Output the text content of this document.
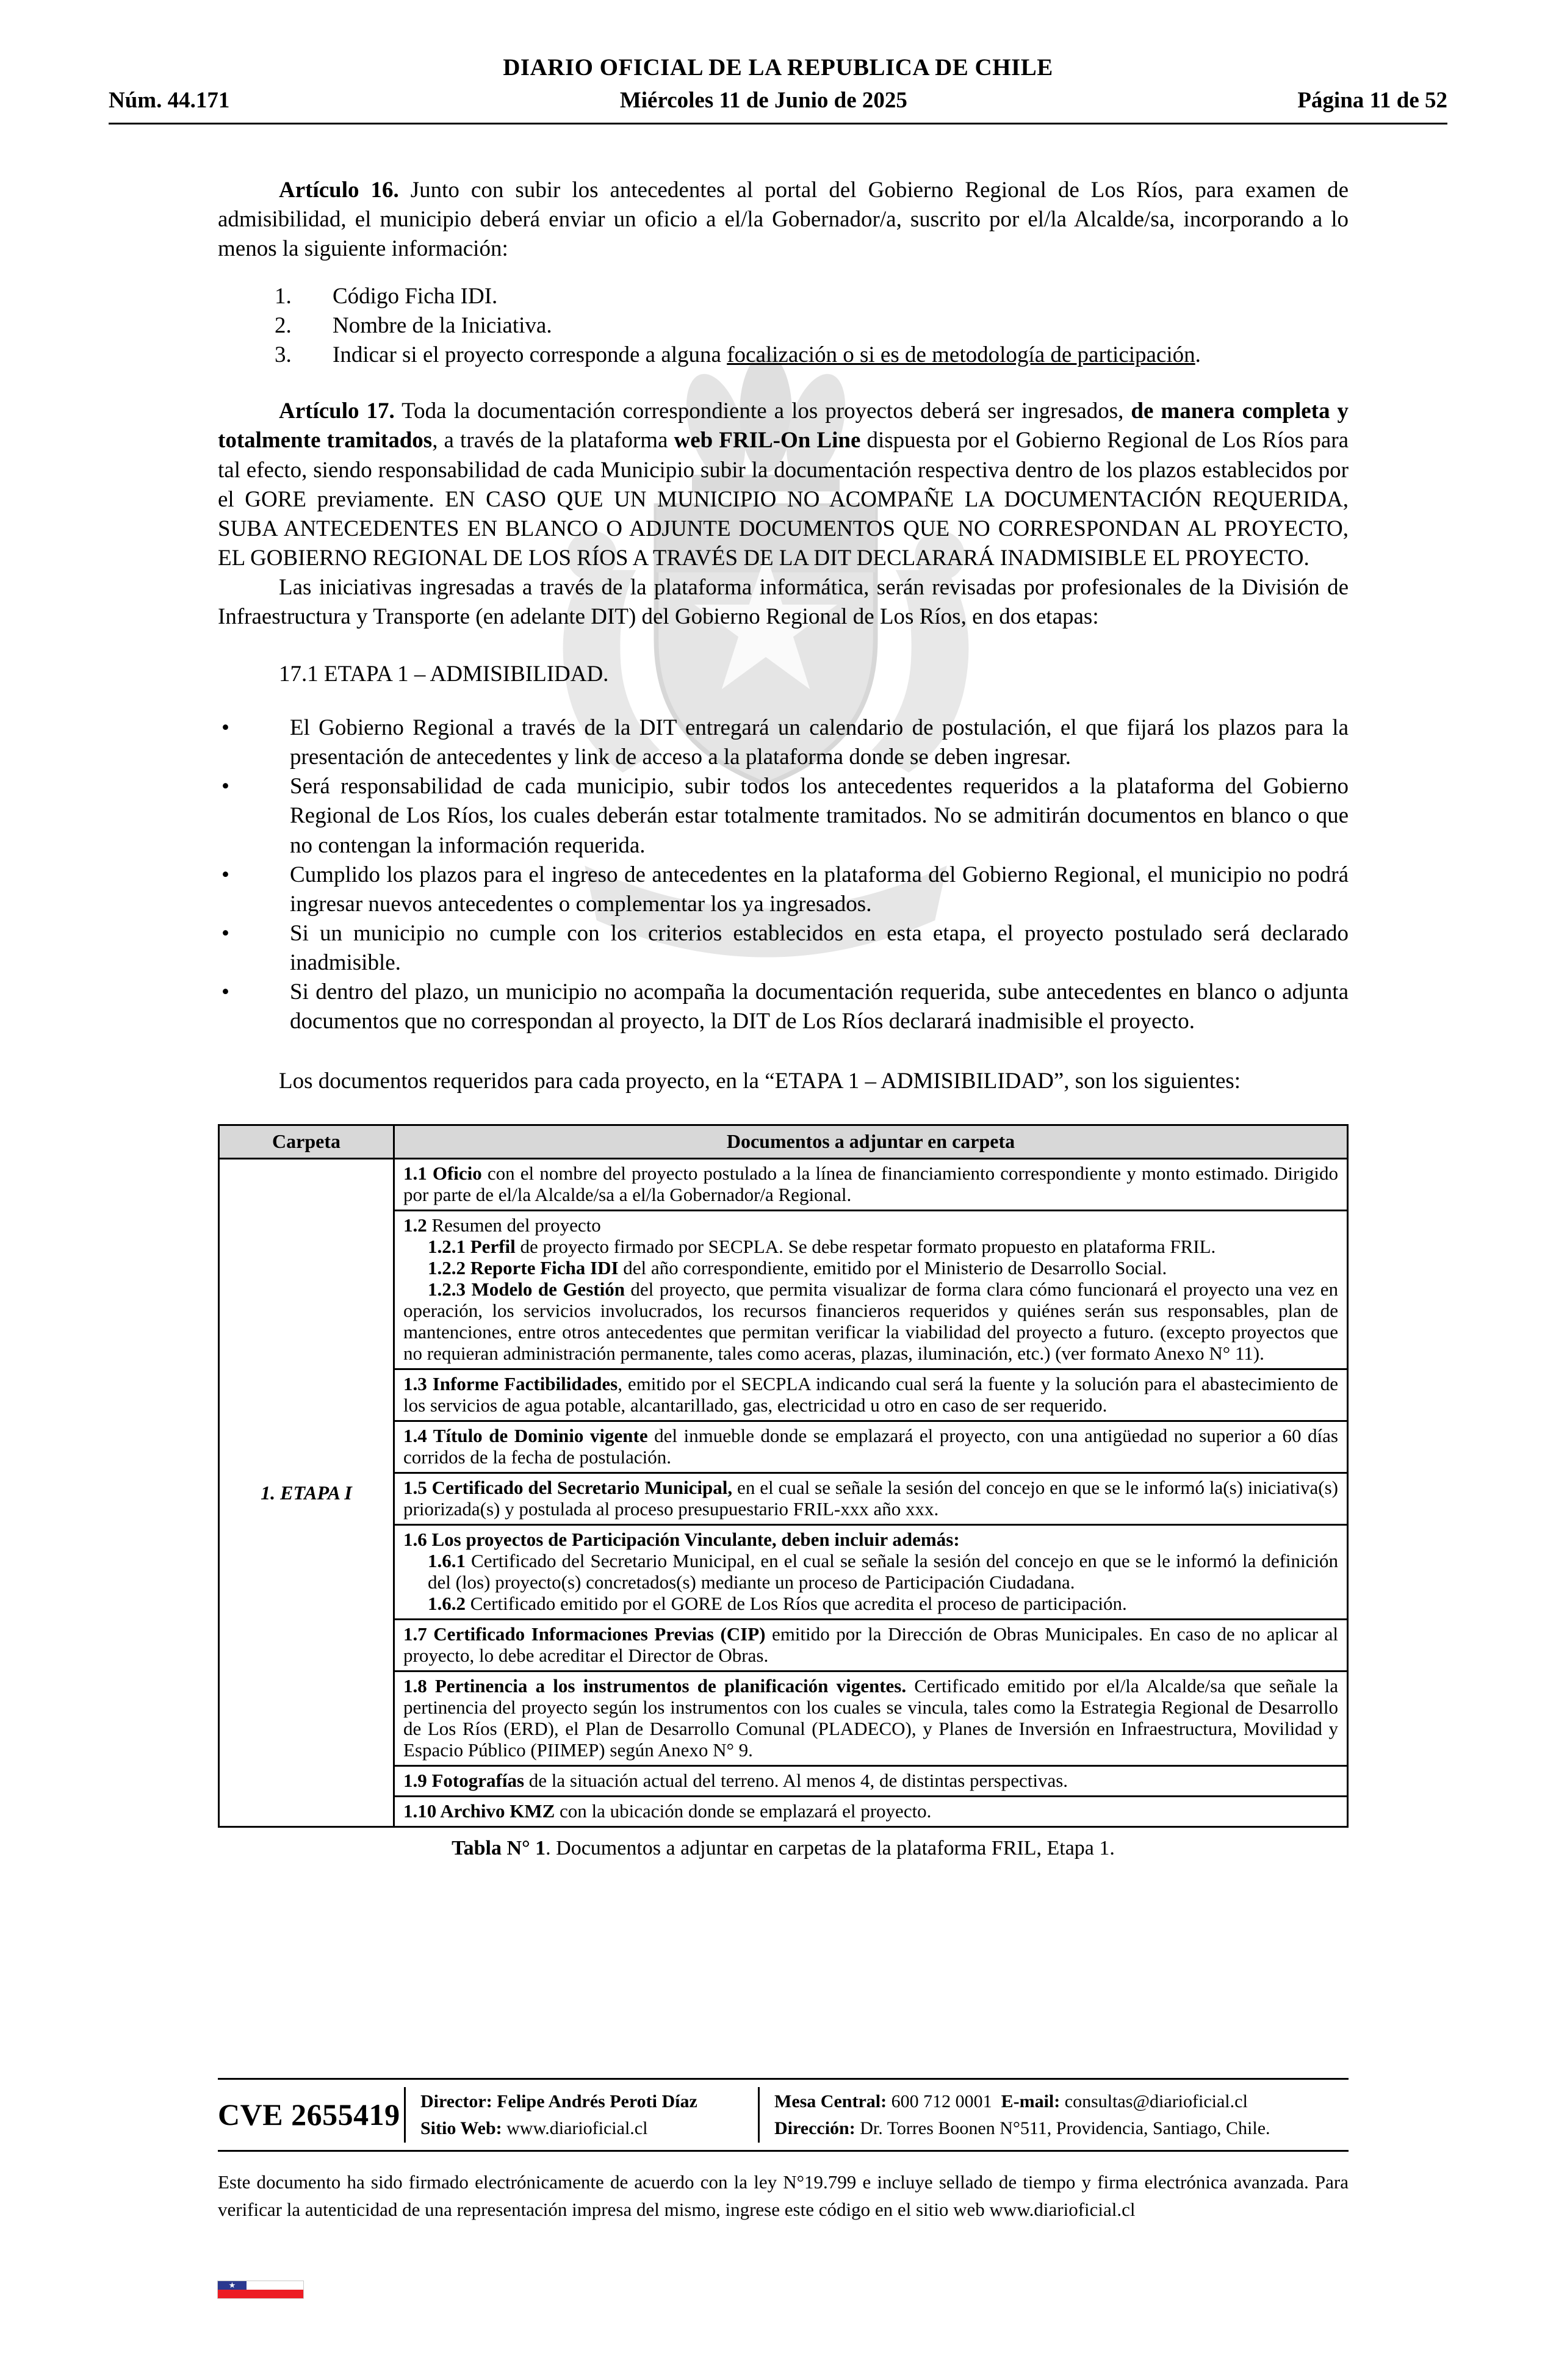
DIARIO OFICIAL DE LA REPUBLICA DE CHILE
Núm. 44.171	Miércoles 11 de Junio de 2025	Página 11 de 52

Artículo 16. Junto con subir los antecedentes al portal del Gobierno Regional de Los Ríos, para examen de admisibilidad, el municipio deberá enviar un oficio a el/la Gobernador/a, suscrito por el/la Alcalde/sa, incorporando a lo menos la siguiente información:

1.	Código Ficha IDI.
2.	Nombre de la Iniciativa.
3.	Indicar si el proyecto corresponde a alguna focalización o si es de metodología de participación.

Artículo 17. Toda la documentación correspondiente a los proyectos deberá ser ingresados, de manera completa y totalmente tramitados, a través de la plataforma web FRIL-On Line dispuesta por el Gobierno Regional de Los Ríos para tal efecto, siendo responsabilidad de cada Municipio subir la documentación respectiva dentro de los plazos establecidos por el GORE previamente. EN CASO QUE UN MUNICIPIO NO ACOMPAÑE LA DOCUMENTACIÓN REQUERIDA, SUBA ANTECEDENTES EN BLANCO O ADJUNTE DOCUMENTOS QUE NO CORRESPONDAN AL PROYECTO, EL GOBIERNO REGIONAL DE LOS RÍOS A TRAVÉS DE LA DIT DECLARARÁ INADMISIBLE EL PROYECTO.

Las iniciativas ingresadas a través de la plataforma informática, serán revisadas por profesionales de la División de Infraestructura y Transporte (en adelante DIT) del Gobierno Regional de Los Ríos, en dos etapas:

17.1 ETAPA 1 – ADMISIBILIDAD.

•	El Gobierno Regional a través de la DIT entregará un calendario de postulación, el que fijará los plazos para la presentación de antecedentes y link de acceso a la plataforma donde se deben ingresar.
•	Será responsabilidad de cada municipio, subir todos los antecedentes requeridos a la plataforma del Gobierno Regional de Los Ríos, los cuales deberán estar totalmente tramitados. No se admitirán documentos en blanco o que no contengan la información requerida.
•	Cumplido los plazos para el ingreso de antecedentes en la plataforma del Gobierno Regional, el municipio no podrá ingresar nuevos antecedentes o complementar los ya ingresados.
•	Si un municipio no cumple con los criterios establecidos en esta etapa, el proyecto postulado será declarado inadmisible.
•	Si dentro del plazo, un municipio no acompaña la documentación requerida, sube antecedentes en blanco o adjunta documentos que no correspondan al proyecto, la DIT de Los Ríos declarará inadmisible el proyecto.

Los documentos requeridos para cada proyecto, en la “ETAPA 1 – ADMISIBILIDAD”, son los siguientes:

Carpeta	Documentos a adjuntar en carpeta
1. ETAPA I	1.1 Oficio con el nombre del proyecto postulado a la línea de financiamiento correspondiente y monto estimado. Dirigido por parte de el/la Alcalde/sa a el/la Gobernador/a Regional.

	1.2 Resumen del proyecto
1.2.1 Perfil de proyecto firmado por SECPLA. Se debe respetar formato propuesto en plataforma FRIL.
1.2.2 Reporte Ficha IDI del año correspondiente, emitido por el Ministerio de Desarrollo Social.
1.2.3 Modelo de Gestión del proyecto, que permita visualizar de forma clara cómo funcionará el proyecto una vez en operación, los servicios involucrados, los recursos financieros requeridos y quiénes serán sus responsables, plan de mantenciones, entre otros antecedentes que permitan verificar la viabilidad del proyecto a futuro. (excepto proyectos que no requieran administración permanente, tales como aceras, plazas, iluminación, etc.) (ver formato Anexo N° 11).

	1.3 Informe Factibilidades, emitido por el SECPLA indicando cual será la fuente y la solución para el abastecimiento de los servicios de agua potable, alcantarillado, gas, electricidad u otro en caso de ser requerido.

	1.4 Título de Dominio vigente del inmueble donde se emplazará el proyecto, con una antigüedad no superior a 60 días corridos de la fecha de postulación.

	1.5 Certificado del Secretario Municipal, en el cual se señale la sesión del concejo en que se le informó la(s) iniciativa(s) priorizada(s) y postulada al proceso presupuestario FRIL-xxx año xxx.

	1.6 Los proyectos de Participación Vinculante, deben incluir además:
1.6.1 Certificado del Secretario Municipal, en el cual se señale la sesión del concejo en que se le informó la definición del (los) proyecto(s) concretados(s) mediante un proceso de Participación Ciudadana.
1.6.2 Certificado emitido por el GORE de Los Ríos que acredita el proceso de participación.

	1.7 Certificado Informaciones Previas (CIP) emitido por la Dirección de Obras Municipales. En caso de no aplicar al proyecto, lo debe acreditar el Director de Obras.

	1.8 Pertinencia a los instrumentos de planificación vigentes. Certificado emitido por el/la Alcalde/sa que señale la pertinencia del proyecto según los instrumentos con los cuales se vincula, tales como la Estrategia Regional de Desarrollo de Los Ríos (ERD), el Plan de Desarrollo Comunal (PLADECO), y Planes de Inversión en Infraestructura, Movilidad y Espacio Público (PIIMEP) según Anexo N° 9.

	1.9 Fotografías de la situación actual del terreno. Al menos 4, de distintas perspectivas.

	1.10 Archivo KMZ con la ubicación donde se emplazará el proyecto.

Tabla N° 1. Documentos a adjuntar en carpetas de la plataforma FRIL, Etapa 1.

CVE 2655419 Director: Felipe Andrés Peroti Díaz
Sitio Web: www.diarioficial.cl
Mesa Central: 600 712 0001 E-mail: consultas@diarioficial.cl
Dirección: Dr. Torres Boonen N°511, Providencia, Santiago, Chile.

Este documento ha sido firmado electrónicamente de acuerdo con la ley N°19.799 e incluye sellado de tiempo y firma electrónica avanzada. Para verificar la autenticidad de una representación impresa del mismo, ingrese este código en el sitio web www.diarioficial.cl

★
